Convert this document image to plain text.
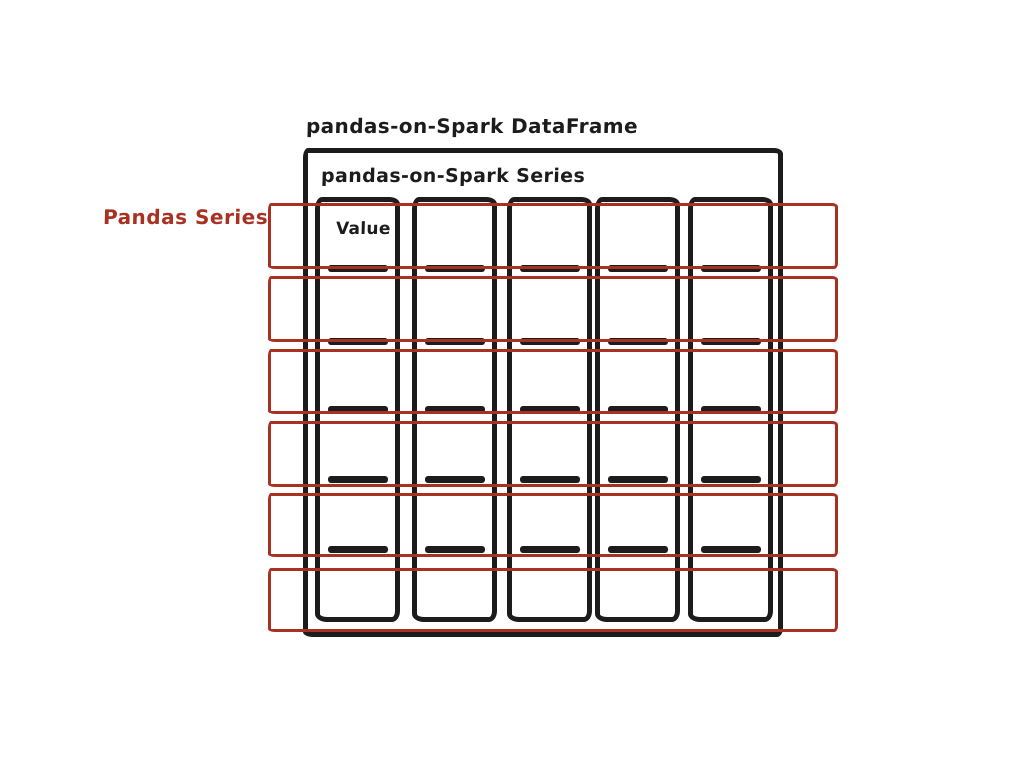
pandas-on-Spark DataFrame
pandas-on-Spark Series
Pandas Series	Value
